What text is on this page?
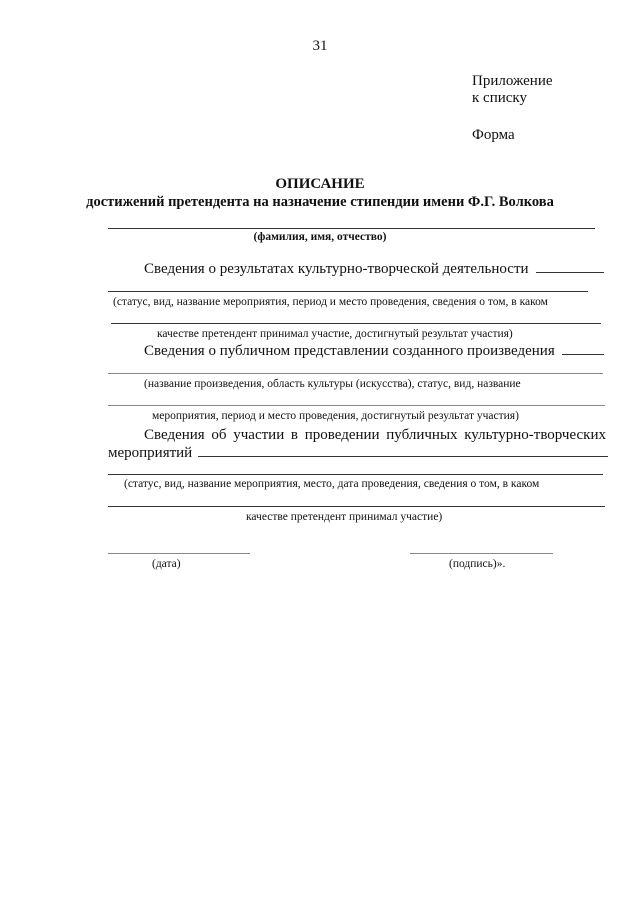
31
Приложение
к списку
Форма
ОПИСАНИЕ
достижений претендента на назначение стипендии имени Ф.Г. Волкова
(фамилия, имя, отчество)
Сведения о результатах культурно-творческой деятельности
(статус, вид, название мероприятия, период и место проведения, сведения о том, в каком
качестве претендент принимал участие, достигнутый результат участия)
Сведения о публичном представлении созданного произведения
(название произведения, область культуры (искусства), статус, вид, название
мероприятия, период и место проведения, достигнутый результат участия)
Сведения об участии в проведении публичных культурно-творческих
мероприятий
(статус, вид, название мероприятия, место, дата проведения, сведения о том, в каком
качестве претендент принимал участие)
(дата)	(подпись)».
